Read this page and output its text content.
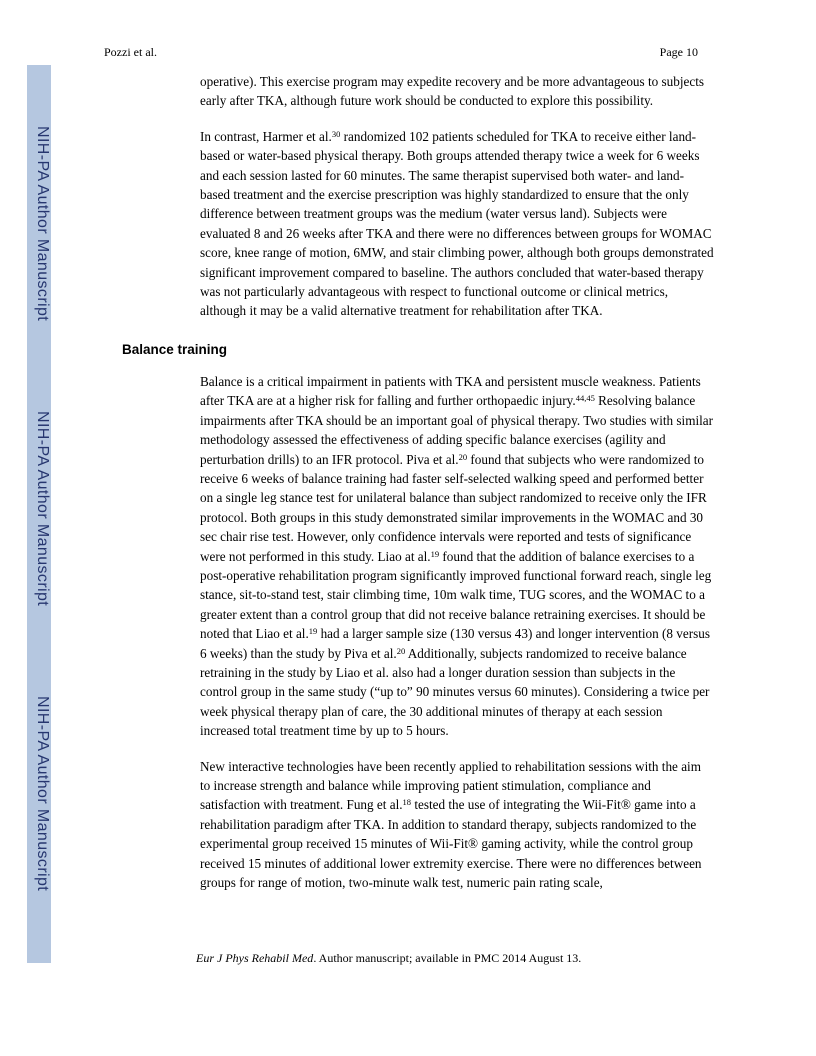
NIH-PA Author Manuscript
NIH-PA Author Manuscript
NIH-PA Author Manuscript
Pozzi et al.	Page 10

operative). This exercise program may expedite recovery and be more advantageous to subjects early after TKA, although future work should be conducted to explore this possibility.

In contrast, Harmer et al.$^{30}$ randomized 102 patients scheduled for TKA to receive either land-based or water-based physical therapy. Both groups attended therapy twice a week for 6 weeks and each session lasted for 60 minutes. The same therapist supervised both water- and land-based treatment and the exercise prescription was highly standardized to ensure that the only difference between treatment groups was the medium (water versus land). Subjects were evaluated 8 and 26 weeks after TKA and there were no differences between groups for WOMAC score, knee range of motion, 6MW, and stair climbing power, although both groups demonstrated significant improvement compared to baseline. The authors concluded that water-based therapy was not particularly advantageous with respect to functional outcome or clinical metrics, although it may be a valid alternative treatment for rehabilitation after TKA.

Balance training

Balance is a critical impairment in patients with TKA and persistent muscle weakness. Patients after TKA are at a higher risk for falling and further orthopaedic injury.$^{44,45}$ Resolving balance impairments after TKA should be an important goal of physical therapy. Two studies with similar methodology assessed the effectiveness of adding specific balance exercises (agility and perturbation drills) to an IFR protocol. Piva et al.$^{20}$ found that subjects who were randomized to receive 6 weeks of balance training had faster self-selected walking speed and performed better on a single leg stance test for unilateral balance than subject randomized to receive only the IFR protocol. Both groups in this study demonstrated similar improvements in the WOMAC and 30 sec chair rise test. However, only confidence intervals were reported and tests of significance were not performed in this study. Liao at al.$^{19}$ found that the addition of balance exercises to a post-operative rehabilitation program significantly improved functional forward reach, single leg stance, sit-to-stand test, stair climbing time, 10m walk time, TUG scores, and the WOMAC to a greater extent than a control group that did not receive balance retraining exercises. It should be noted that Liao et al.$^{19}$ had a larger sample size (130 versus 43) and longer intervention (8 versus 6 weeks) than the study by Piva et al.$^{20}$ Additionally, subjects randomized to receive balance retraining in the study by Liao et al. also had a longer duration session than subjects in the control group in the same study (“up to” 90 minutes versus 60 minutes). Considering a twice per week physical therapy plan of care, the 30 additional minutes of therapy at each session increased total treatment time by up to 5 hours.

New interactive technologies have been recently applied to rehabilitation sessions with the aim to increase strength and balance while improving patient stimulation, compliance and satisfaction with treatment. Fung et al.$^{18}$ tested the use of integrating the Wii-Fit® game into a rehabilitation paradigm after TKA. In addition to standard therapy, subjects randomized to the experimental group received 15 minutes of Wii-Fit® gaming activity, while the control group received 15 minutes of additional lower extremity exercise. There were no differences between groups for range of motion, two-minute walk test, numeric pain rating scale,

Eur J Phys Rehabil Med. Author manuscript; available in PMC 2014 August 13.
